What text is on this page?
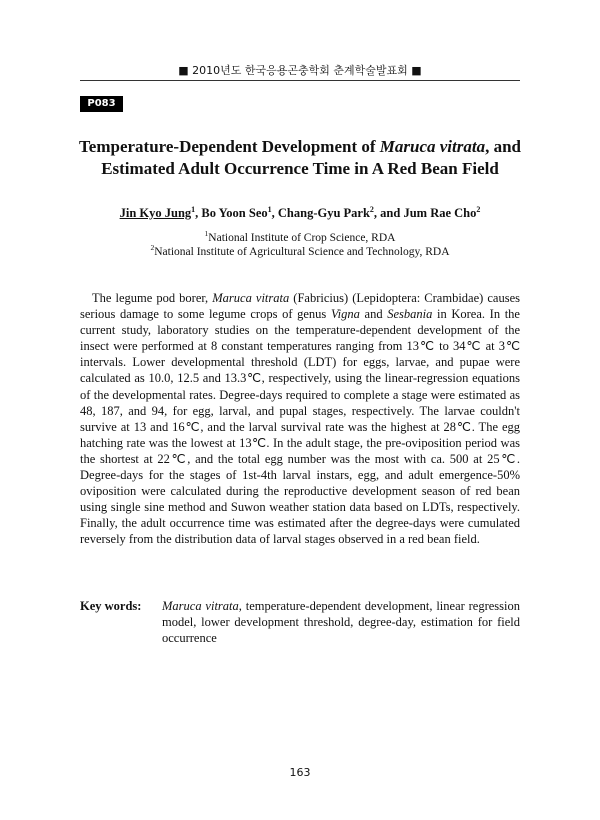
■ 2010년도 한국응용곤충학회 춘계학술발표회 ■
P083
Temperature-Dependent Development of Maruca vitrata, and Estimated Adult Occurrence Time in A Red Bean Field
Jin Kyo Jung$^1$, Bo Yoon Seo$^1$, Chang-Gyu Park$^2$, and Jum Rae Cho$^2$
$^1$National Institute of Crop Science, RDA
$^2$National Institute of Agricultural Science and Technology, RDA

The legume pod borer, Maruca vitrata (Fabricius) (Lepidoptera: Crambidae) causes serious damage to some legume crops of genus Vigna and Sesbania in Korea. In the current study, laboratory studies on the temperature-dependent development of the insect were performed at 8 constant temperatures ranging from 13℃ to 34℃ at 3℃ intervals. Lower developmental threshold (LDT) for eggs, larvae, and pupae were calculated as 10.0, 12.5 and 13.3℃, respectively, using the linear-regression equations of the developmental rates. Degree-days required to complete a stage were estimated as 48, 187, and 94, for egg, larval, and pupal stages, respectively. The larvae couldn't survive at 13 and 16℃, and the larval survival rate was the highest at 28℃. The egg hatching rate was the lowest at 13℃. In the adult stage, the pre-oviposition period was the shortest at 22℃, and the total egg number was the most with ca. 500 at 25℃. Degree-days for the stages of 1st-4th larval instars, egg, and adult emergence-50% oviposition were calculated during the reproductive development season of red bean using single sine method and Suwon weather station data based on LDTs, respectively. Finally, the adult occurrence time was estimated after the degree-days were cumulated reversely from the distribution data of larval stages observed in a red bean field.

Key words:	Maruca vitrata, temperature-dependent development, linear regression model, lower development threshold, degree-day, estimation for field occurrence
163
